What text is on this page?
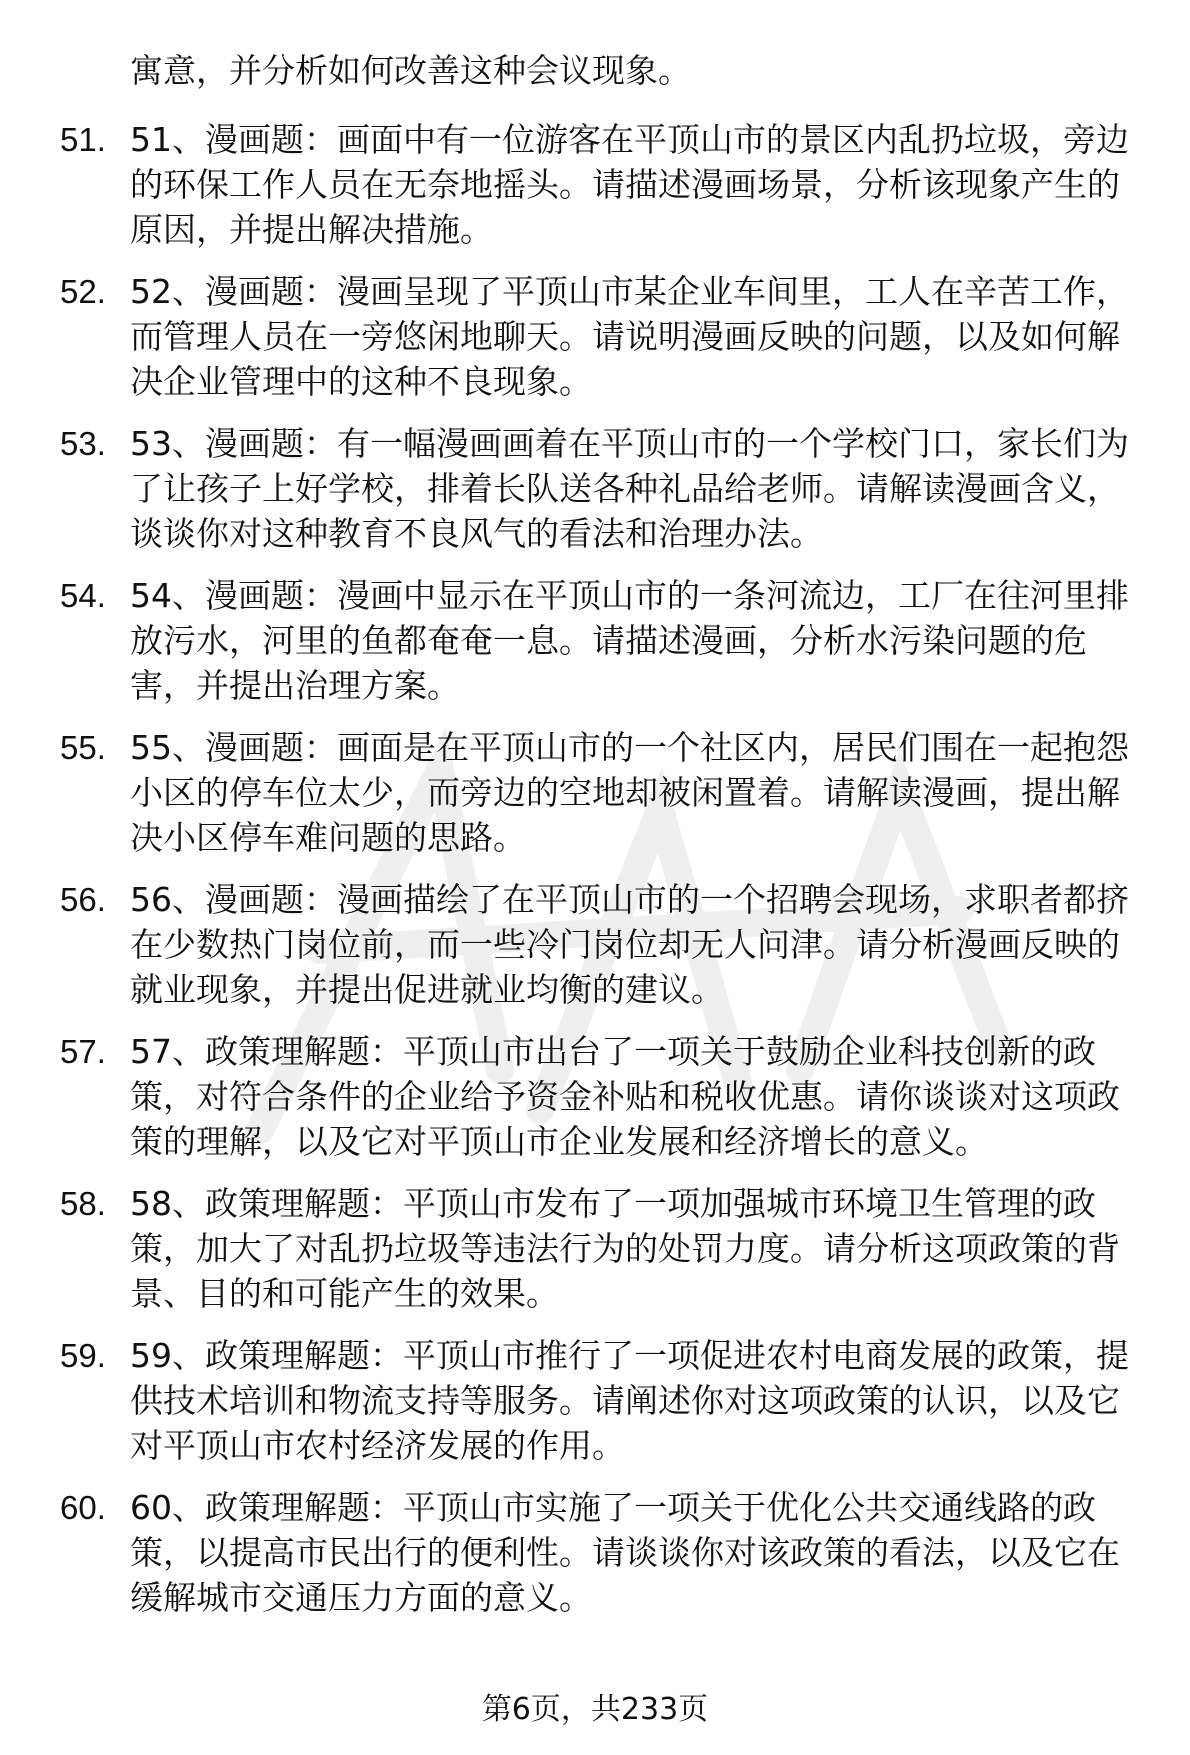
寓意，并分析如何改善这种会议现象。
51. 51、漫画题：画面中有一位游客在平顶山市的景区内乱扔垃圾，旁边的环保工作人员在无奈地摇头。请描述漫画场景，分析该现象产生的原因，并提出解决措施。
52. 52、漫画题：漫画呈现了平顶山市某企业车间里，工人在辛苦工作，而管理人员在一旁悠闲地聊天。请说明漫画反映的问题，以及如何解决企业管理中的这种不良现象。
53. 53、漫画题：有一幅漫画画着在平顶山市的一个学校门口，家长们为了让孩子上好学校，排着长队送各种礼品给老师。请解读漫画含义，谈谈你对这种教育不良风气的看法和治理办法。
54. 54、漫画题：漫画中显示在平顶山市的一条河流边，工厂在往河里排放污水，河里的鱼都奄奄一息。请描述漫画，分析水污染问题的危害，并提出治理方案。
55. 55、漫画题：画面是在平顶山市的一个社区内，居民们围在一起抱怨小区的停车位太少，而旁边的空地却被闲置着。请解读漫画，提出解决小区停车难问题的思路。
56. 56、漫画题：漫画描绘了在平顶山市的一个招聘会现场，求职者都挤在少数热门岗位前，而一些冷门岗位却无人问津。请分析漫画反映的就业现象，并提出促进就业均衡的建议。
57. 57、政策理解题：平顶山市出台了一项关于鼓励企业科技创新的政策，对符合条件的企业给予资金补贴和税收优惠。请你谈谈对这项政策的理解，以及它对平顶山市企业发展和经济增长的意义。
58. 58、政策理解题：平顶山市发布了一项加强城市环境卫生管理的政策，加大了对乱扔垃圾等违法行为的处罚力度。请分析这项政策的背景、目的和可能产生的效果。
59. 59、政策理解题：平顶山市推行了一项促进农村电商发展的政策，提供技术培训和物流支持等服务。请阐述你对这项政策的认识，以及它对平顶山市农村经济发展的作用。
60. 60、政策理解题：平顶山市实施了一项关于优化公共交通线路的政策，以提高市民出行的便利性。请谈谈你对该政策的看法，以及它在缓解城市交通压力方面的意义。
第6页，共233页
